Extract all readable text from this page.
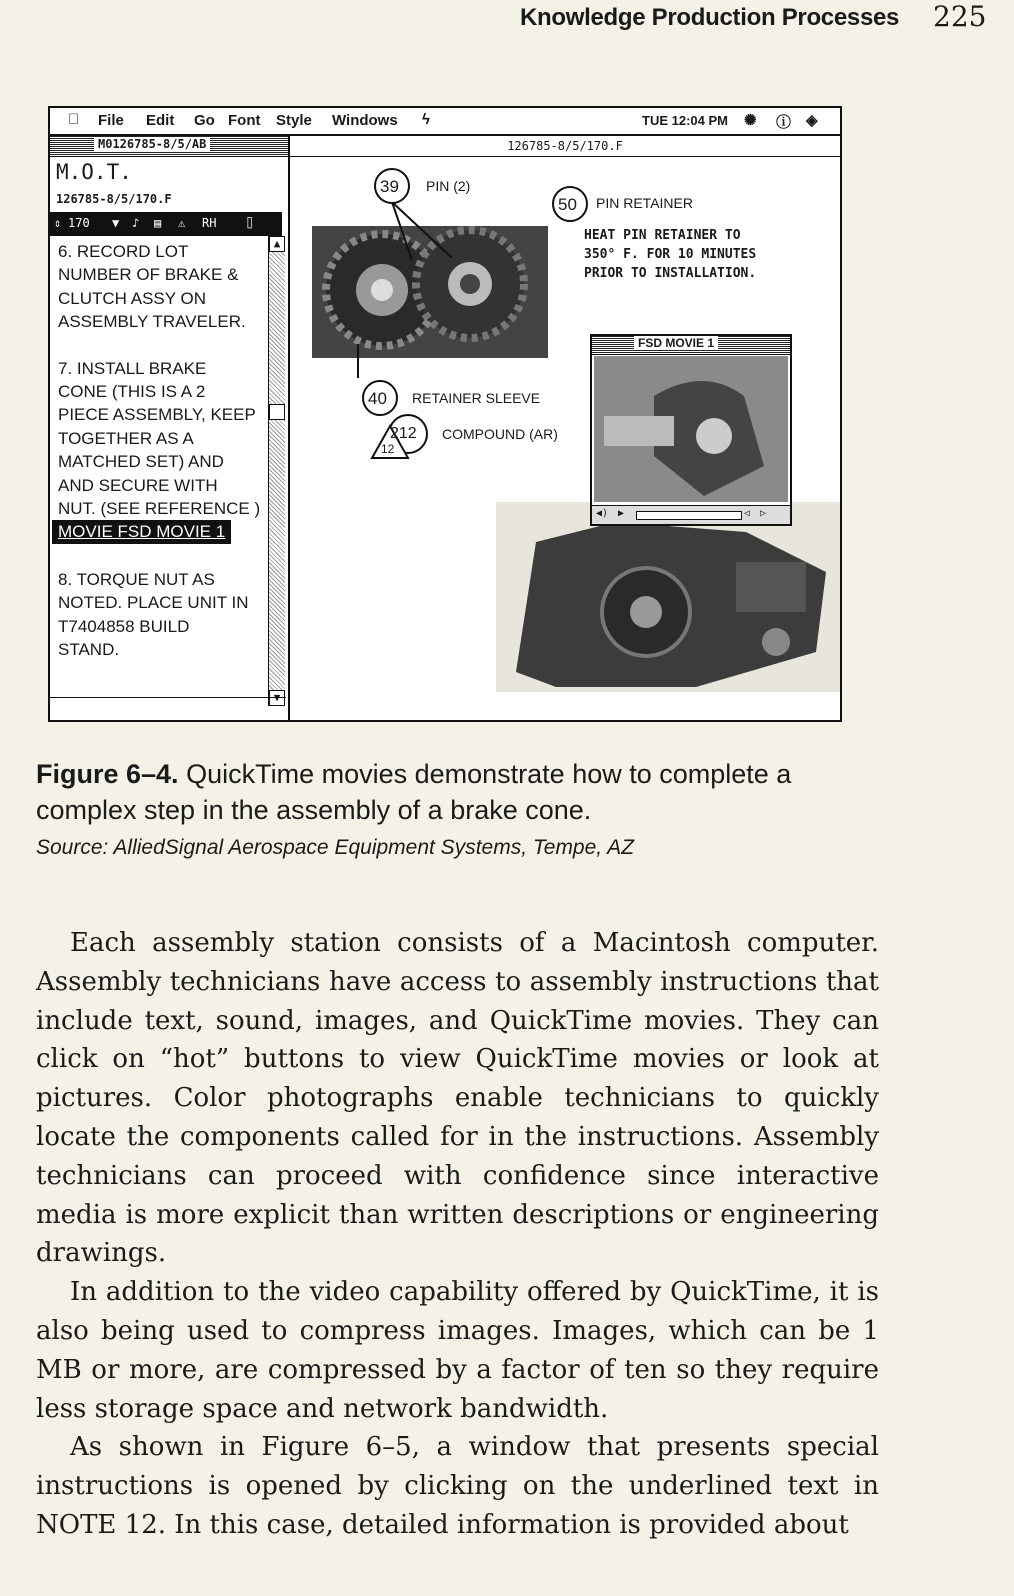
Knowledge Production Processes 225
File Edit Go Font Style Windows ϟ	TUE 12:04 PM ✺ ⓘ ◈
M0126785-8/5/AB
M.O.T.
126785-8/5/170.F
⇕ 170 ▼ ♪ ▤ ⚠ RH ⌷
6. RECORD LOT
NUMBER OF BRAKE &
CLUTCH ASSY ON
ASSEMBLY TRAVELER.
7. INSTALL BRAKE
CONE (THIS IS A 2
PIECE ASSEMBLY, KEEP
TOGETHER AS A
MATCHED SET) AND
AND SECURE WITH
NUT. (SEE REFERENCE )
MOVIE FSD MOVIE 1
8. TORQUE NUT AS
NOTED. PLACE UNIT IN
T7404858 BUILD
STAND.
▲
▼
126785-8/5/170.F
39 PIN (2)
50 PIN RETAINER
40 RETAINER SLEEVE
212 COMPOUND (AR)
12
HEAT PIN RETAINER TO
350° F. FOR 10 MINUTES
PRIOR TO INSTALLATION.
FSD MOVIE 1
◀) ▶	◁ ▷
Figure 6–4. QuickTime movies demonstrate how to complete a complex step in the assembly of a brake cone.
Source: AlliedSignal Aerospace Equipment Systems, Tempe, AZ

Each assembly station consists of a Macintosh computer. Assembly technicians have access to assembly instructions that include text, sound, images, and QuickTime movies. They can click on “hot” buttons to view QuickTime movies or look at pictures. Color photographs enable technicians to quickly locate the components called for in the instructions. Assembly technicians can proceed with confidence since interactive media is more explicit than written descriptions or engineering drawings.

In addition to the video capability offered by QuickTime, it is also being used to compress images. Images, which can be 1 MB or more, are compressed by a factor of ten so they require less storage space and network bandwidth.

As shown in Figure 6–5, a window that presents special instructions is opened by clicking on the underlined text in NOTE 12. In this case, detailed information is provided about
